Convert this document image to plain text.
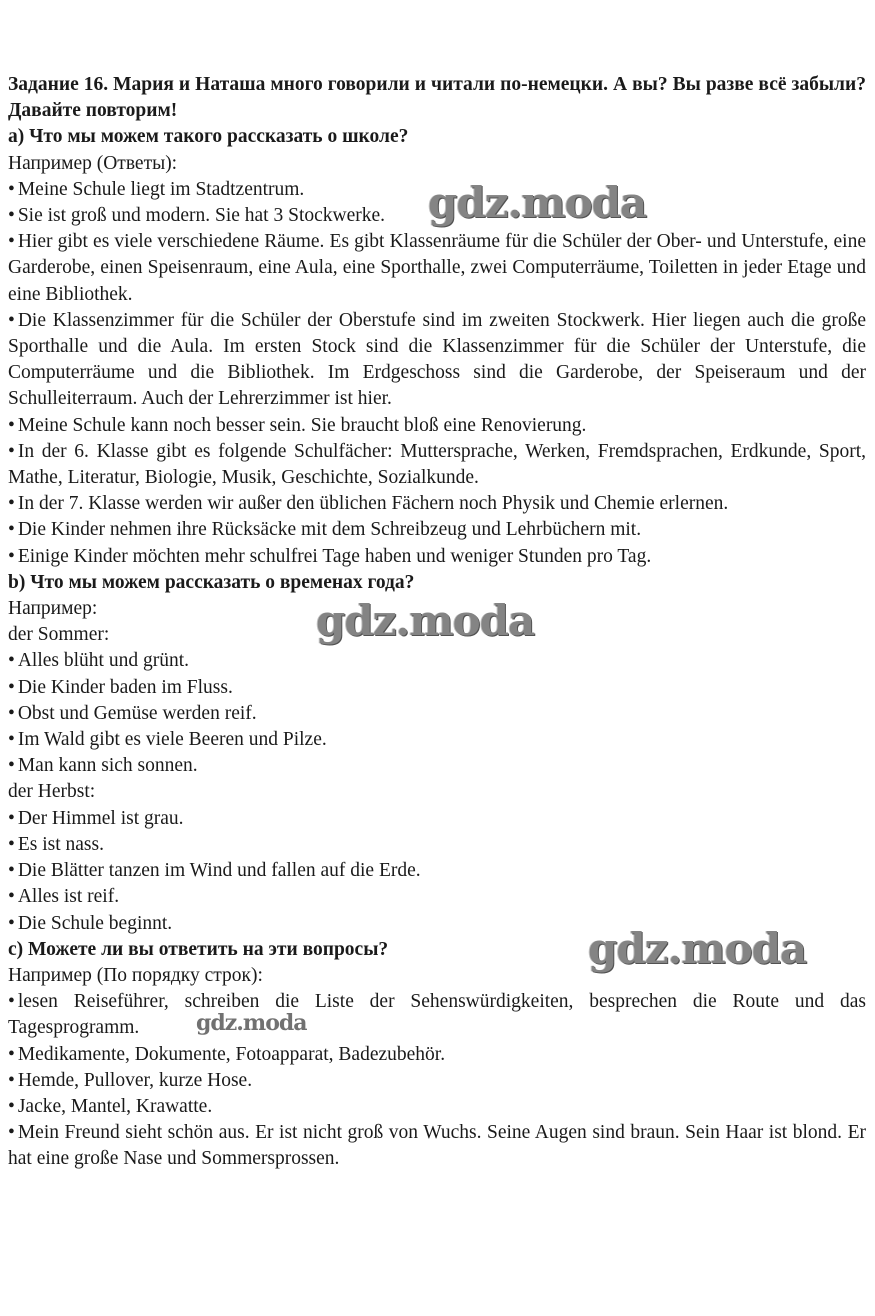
Задание 16. Мария и Наташа много говорили и читали по-немецки. А вы? Вы разве всё забыли? Давайте повторим!

a) Что мы можем такого рассказать о школе?

Например (Ответы):

• Meine Schule liegt im Stadtzentrum.

• Sie ist groß und modern. Sie hat 3 Stockwerke.

• Hier gibt es viele verschiedene Räume. Es gibt Klassenräume für die Schüler der Ober- und Unterstufe, eine Garderobe, einen Speisenraum, eine Aula, eine Sporthalle, zwei Computerräume, Toiletten in jeder Etage und eine Bibliothek.

• Die Klassenzimmer für die Schüler der Oberstufe sind im zweiten Stockwerk. Hier liegen auch die große Sporthalle und die Aula. Im ersten Stock sind die Klassenzimmer für die Schüler der Unterstufe, die Computerräume und die Bibliothek. Im Erdgeschoss sind die Garderobe, der Speiseraum und der Schulleiterraum. Auch der Lehrerzimmer ist hier.

• Meine Schule kann noch besser sein. Sie braucht bloß eine Renovierung.

• In der 6. Klasse gibt es folgende Schulfächer: Muttersprache, Werken, Fremdsprachen, Erdkunde, Sport, Mathe, Literatur, Biologie, Musik, Geschichte, Sozialkunde.

• In der 7. Klasse werden wir außer den üblichen Fächern noch Physik und Chemie erlernen.

• Die Kinder nehmen ihre Rücksäcke mit dem Schreibzeug und Lehrbüchern mit.

• Einige Kinder möchten mehr schulfrei Tage haben und weniger Stunden pro Tag.

b) Что мы можем рассказать о временах года?

Например:

der Sommer:

• Alles blüht und grünt.

• Die Kinder baden im Fluss.

• Obst und Gemüse werden reif.

• Im Wald gibt es viele Beeren und Pilze.

• Man kann sich sonnen.

der Herbst:

• Der Himmel ist grau.

• Es ist nass.

• Die Blätter tanzen im Wind und fallen auf die Erde.

• Alles ist reif.

• Die Schule beginnt.

c) Можете ли вы ответить на эти вопросы?

Например (По порядку строк):

• lesen Reiseführer, schreiben die Liste der Sehenswürdigkeiten, besprechen die Route und das Tagesprogramm.

• Medikamente, Dokumente, Fotoapparat, Badezubehör.

• Hemde, Pullover, kurze Hose.

• Jacke, Mantel, Krawatte.

• Mein Freund sieht schön aus. Er ist nicht groß von Wuchs. Seine Augen sind braun. Sein Haar ist blond. Er hat eine große Nase und Sommersprossen.

gdz.moda
gdz.moda
gdz.moda
gdz.moda
